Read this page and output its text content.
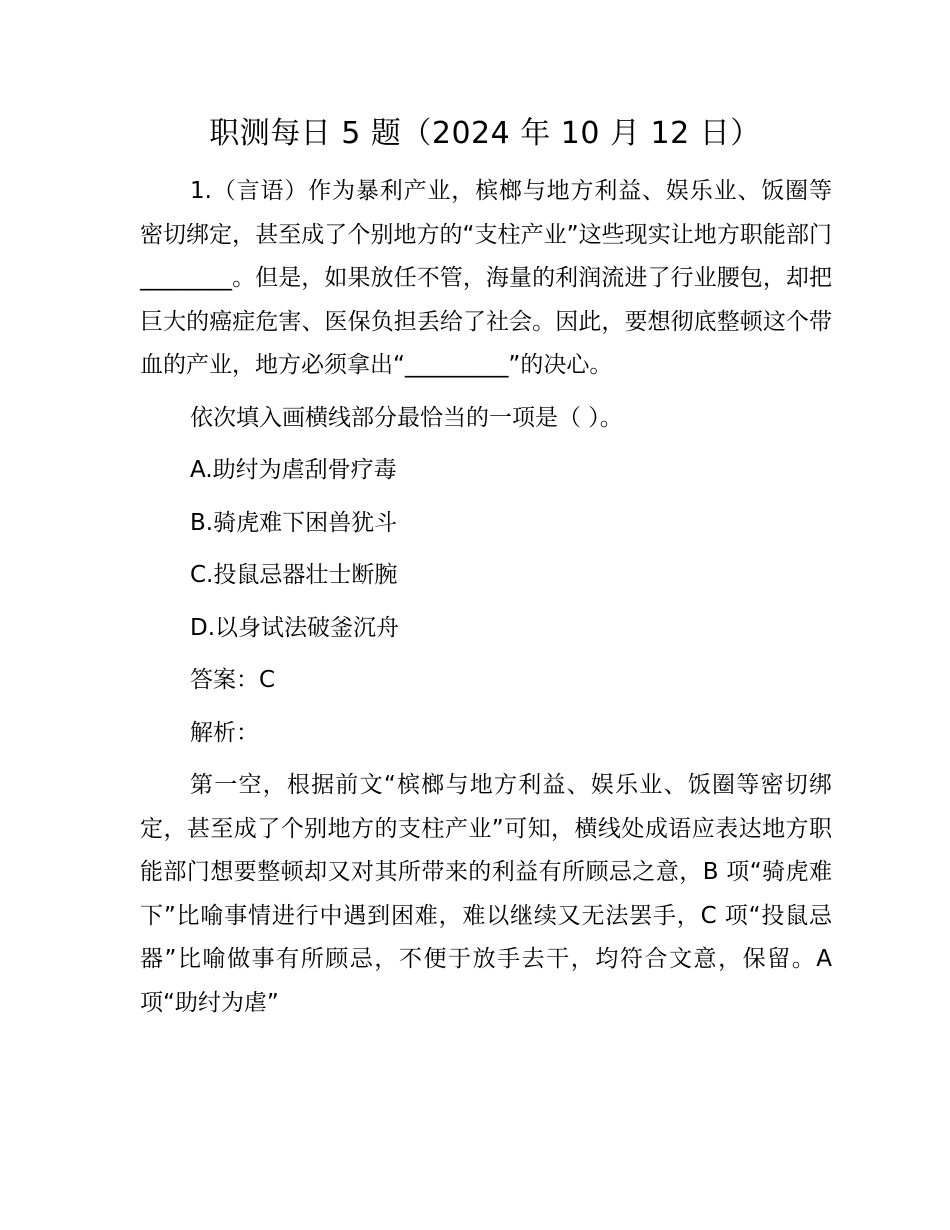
职测每日 5 题（2024 年 10 月 12 日）

1.（言语）作为暴利产业，槟榔与地方利益、娱乐业、饭圈等密切绑定，甚至成了个别地方的“支柱产业”这些现实让地方职能部门________。但是，如果放任不管，海量的利润流进了行业腰包，却把巨大的癌症危害、医保负担丢给了社会。因此，要想彻底整顿这个带血的产业，地方必须拿出“_________”的决心。

依次填入画横线部分最恰当的一项是（ ）。

A.助纣为虐刮骨疗毒

B.骑虎难下困兽犹斗

C.投鼠忌器壮士断腕

D.以身试法破釜沉舟

答案：C

解析：

第一空，根据前文“槟榔与地方利益、娱乐业、饭圈等密切绑定，甚至成了个别地方的支柱产业”可知，横线处成语应表达地方职能部门想要整顿却又对其所带来的利益有所顾忌之意，B 项“骑虎难下”比喻事情进行中遇到困难，难以继续又无法罢手，C 项“投鼠忌器”比喻做事有所顾忌，不便于放手去干，均符合文意，保留。A 项“助纣为虐”
